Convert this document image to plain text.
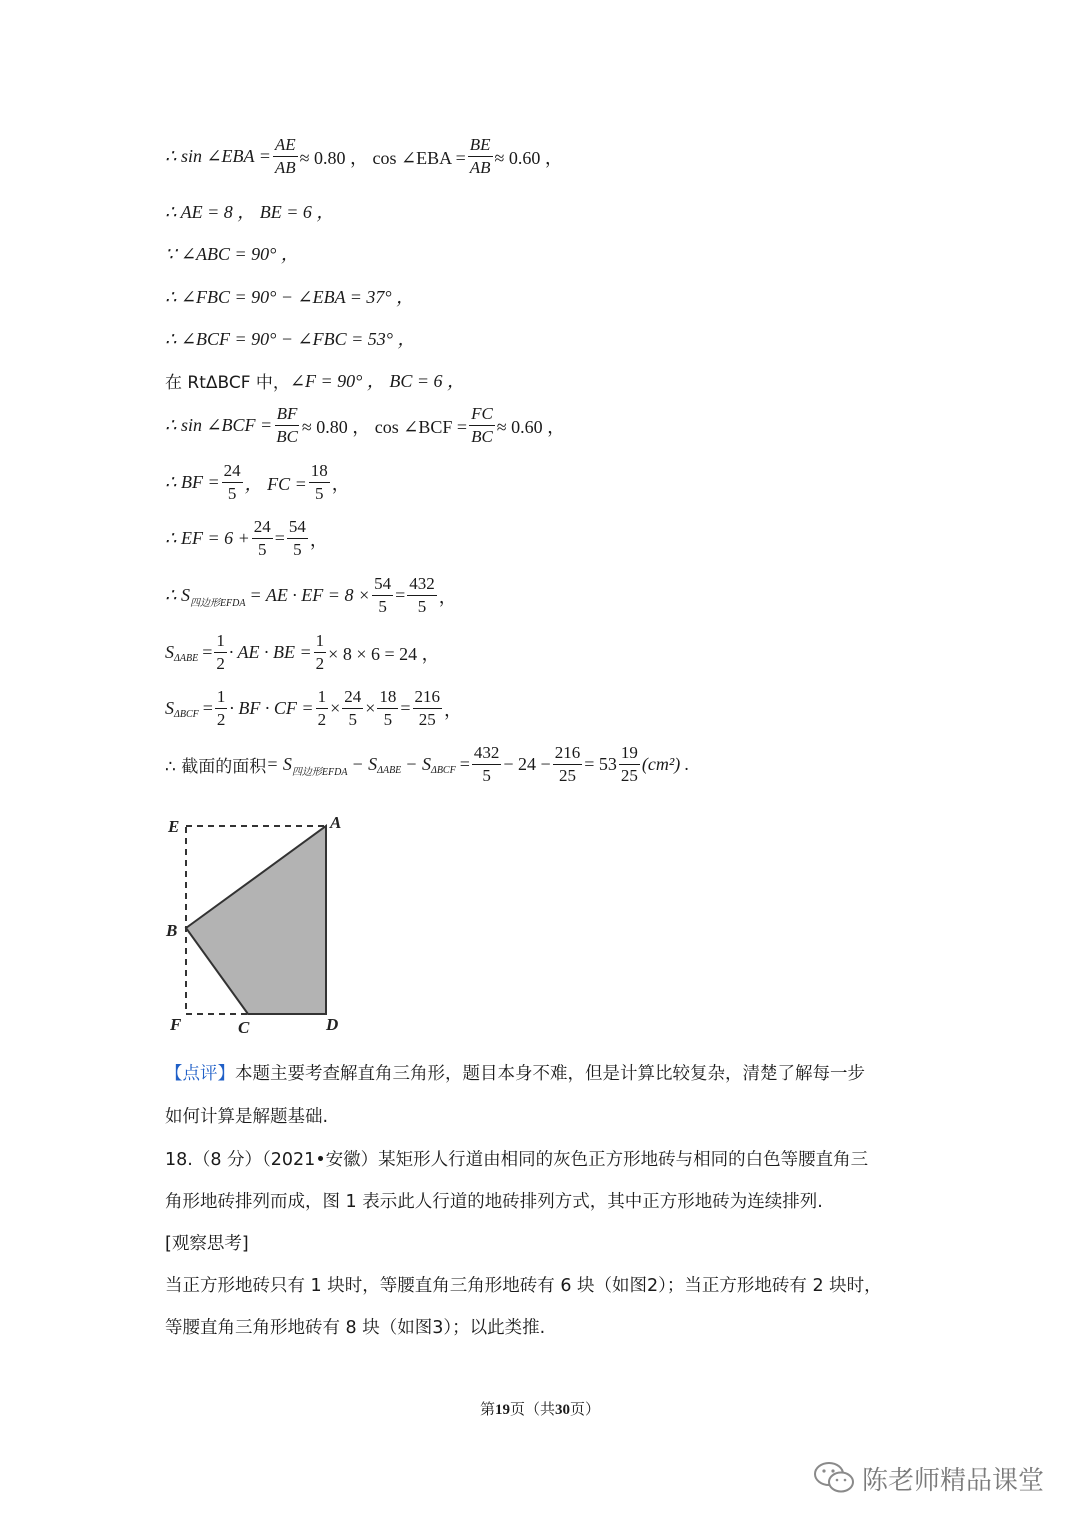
∴ sin ∠EBA = $\frac{AE}{AB} \approx 0.80$ ， cos ∠EBA = $\frac{BE}{AB} \approx 0.60$ ，
∴ AE = 8 ， BE = 6 ，
∵ ∠ABC = 90° ，
∴ ∠FBC = 90° − ∠EBA = 37° ，
∴ ∠BCF = 90° − ∠FBC = 53° ，
在 RtΔBCF 中， ∠F = 90° ， BC = 6 ，
∴ sin ∠BCF = $\frac{BF}{BC} \approx 0.80$ ， cos ∠BCF = $\frac{FC}{BC} \approx 0.60$ ，
∴ BF = $\frac{24}{5}$ ， FC = $\frac{18}{5}$ ，
∴ EF = $6 + \frac{24}{5} = \frac{54}{5}$ ，
∴ S 四边形EFDA = AE · EF = $8 \times \frac{54}{5} = \frac{432}{5}$ ，
S $\Delta ABE = \frac{1}{2}$ · AE · BE = $\frac{1}{2} \times 8 \times 6 = 24$ ，
S $\Delta BCF = \frac{1}{2}$ · BF · CF = $\frac{1}{2} \times \frac{24}{5} \times \frac{18}{5} = \frac{216}{25}$ ，
∴ 截面的面积 = S 四边形EFDA − S ΔABE − S $\Delta BCF = \frac{432}{5} - 24 - \frac{216}{25} = 53 \frac{19}{25} (cm^2)$ .
E	A
B
F	C	D
【点评】本题主要考查解直角三角形，题目本身不难，但是计算比较复杂，清楚了解每一步
如何计算是解题基础.
18.（8 分）（2021•安徽）某矩形人行道由相同的灰色正方形地砖与相同的白色等腰直角三
角形地砖排列而成，图 1 表示此人行道的地砖排列方式，其中正方形地砖为连续排列.
[观察思考]
当正方形地砖只有 1 块时，等腰直角三角形地砖有 6 块（如图2）；当正方形地砖有 2 块时，
等腰直角三角形地砖有 8 块（如图3）；以此类推.
第19页（共30页）
陈老师精品课堂
